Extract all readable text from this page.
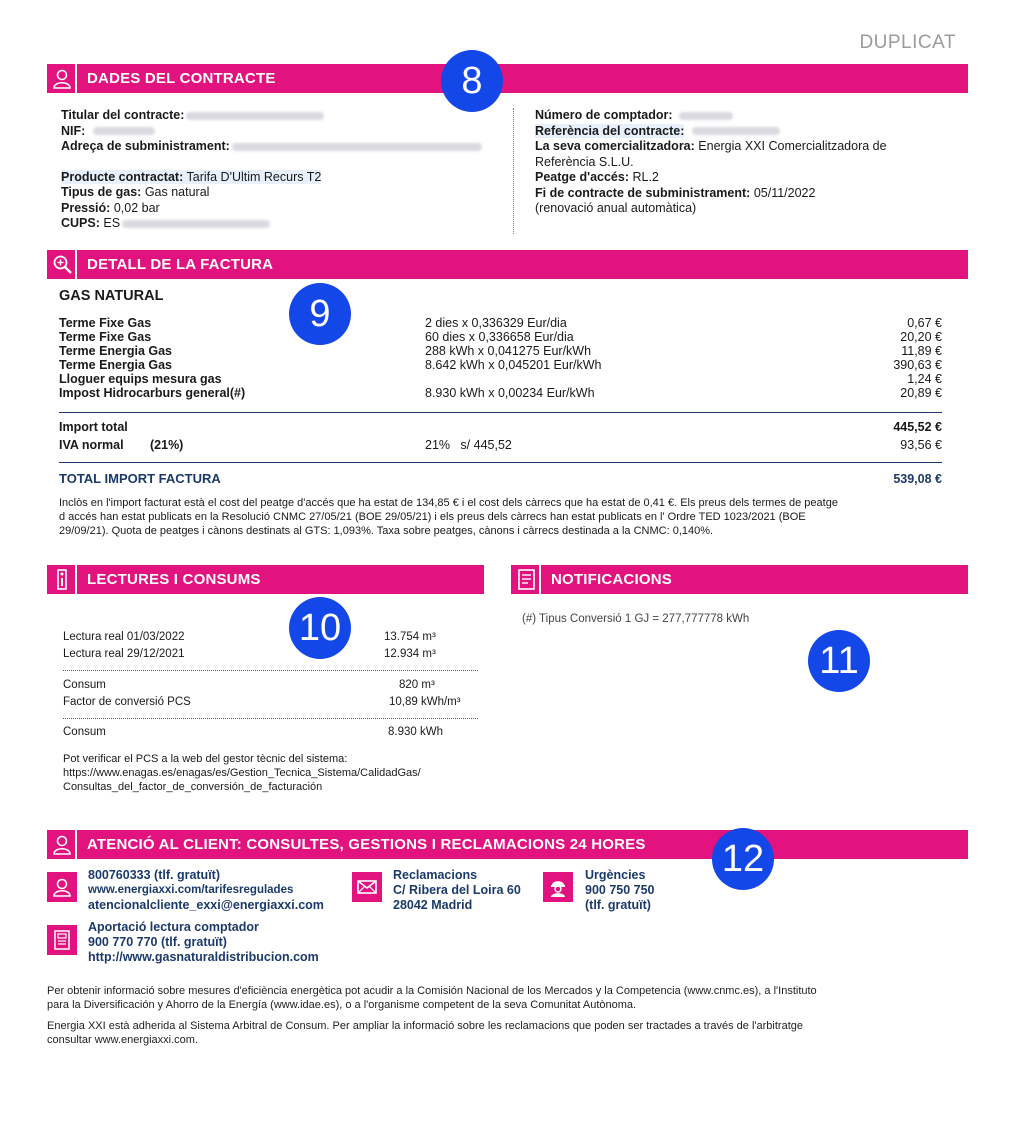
DUPLICAT
DADES DEL CONTRACTE	8
Titular del contracte:
NIF:
Adreça de subministrament:
Producte contractat: Tarifa D'Ultim Recurs T2
Tipus de gas: Gas natural
Pressió: 0,02 bar
CUPS: ES
Número de comptador:
Referència del contracte:
La seva comercialitzadora: Energia XXI Comercialitzadora de
Referència S.L.U.
Peatge d'accés: RL.2
Fi de contracte de subministrament: 05/11/2022
(renovació anual automàtica)
DETALL DE LA FACTURA
9
GAS NATURAL
Terme Fixe Gas	2 dies x 0,336329 Eur/dia	0,67 €
Terme Fixe Gas	60 dies x 0,336658 Eur/dia	20,20 €
Terme Energia Gas	288 kWh x 0,041275 Eur/kWh	11,89 €
Terme Energia Gas	8.642 kWh x 0,045201 Eur/kWh	390,63 €
Lloguer equips mesura gas	1,24 €
Impost Hidrocarburs general(#)	8.930 kWh x 0,00234 Eur/kWh	20,89 €
Import total	445,52 €
IVA normal (21%)	21%   s/ 445,52	93,56 €
TOTAL IMPORT FACTURA	539,08 €
Inclòs en l'import facturat està el cost del peatge d'accés que ha estat de 134,85 € i el cost dels càrrecs que ha estat de 0,41 €. Els preus dels termes de peatge
d accés han estat publicats en la Resolució CNMC 27/05/21 (BOE 29/05/21) i els preus dels càrrecs han estat publicats en l' Ordre TED 1023/2021 (BOE
29/09/21). Quota de peatges i cànons destinats al GTS: 1,093%. Taxa sobre peatges, cànons i càrrecs destinada a la CNMC: 0,140%.
LECTURES I CONSUMS
10
Lectura real 01/03/2022	13.754 m³
Lectura real 29/12/2021	12.934 m³
Consum	820 m³
Factor de conversió PCS	10,89 kWh/m³
Consum	8.930 kWh
Pot verificar el PCS a la web del gestor tècnic del sistema:
https://www.enagas.es/enagas/es/Gestion_Tecnica_Sistema/CalidadGas/
Consultas_del_factor_de_conversión_de_facturación
NOTIFICACIONS
(#) Tipus Conversió 1 GJ = 277,777778 kWh
11
ATENCIÓ AL CLIENT: CONSULTES, GESTIONS I RECLAMACIONS 24 HORES 12
800760333 (tlf. gratuït)
www.energiaxxi.com/tarifesregulades
atencionalcliente_exxi@energiaxxi.com
Reclamacions
C/ Ribera del Loira 60
28042 Madrid
Urgències
900 750 750
(tlf. gratuït)
Aportació lectura comptador
900 770 770 (tlf. gratuït)
http://www.gasnaturaldistribucion.com
Per obtenir informació sobre mesures d'eficiència energètica pot acudir a la Comisión Nacional de los Mercados y la Competencia (www.cnmc.es), a l'Instituto
para la Diversificación y Ahorro de la Energía (www.idae.es), o a l'organisme competent de la seva Comunitat Autònoma.
Energia XXI està adherida al Sistema Arbitral de Consum. Per ampliar la informació sobre les reclamacions que poden ser tractades a través de l'arbitratge
consultar www.energiaxxi.com.
